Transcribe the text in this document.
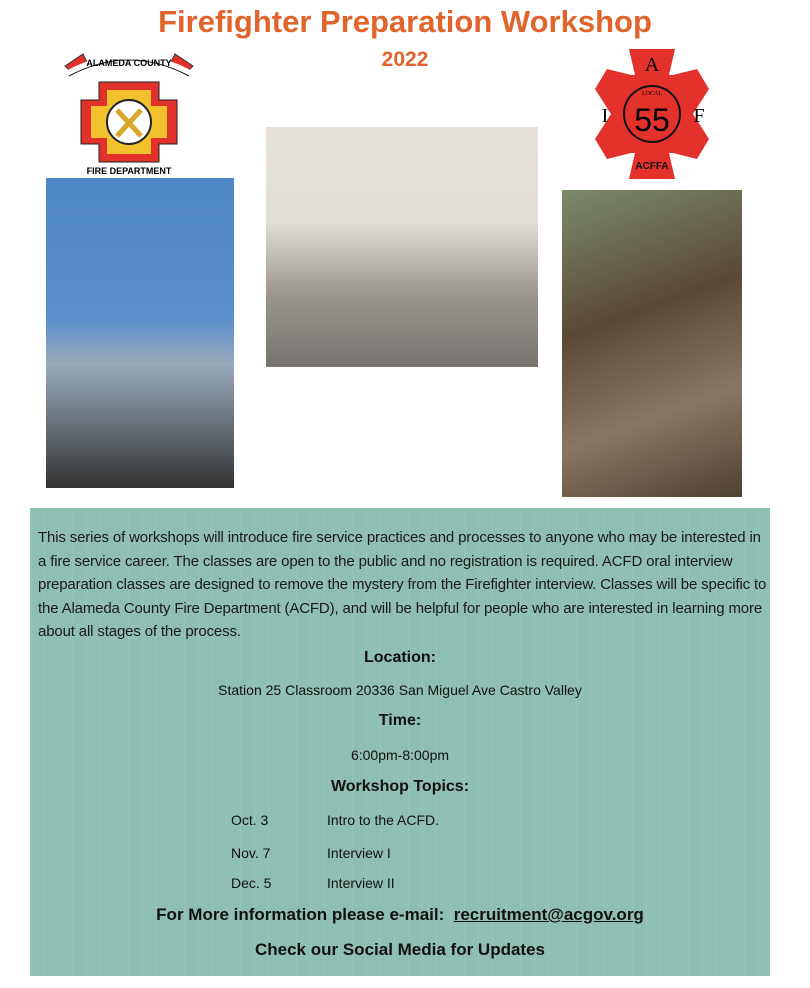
Firefighter Preparation Workshop
2022
ALAMEDA COUNTY
FIRE DEPARTMENT
A
I	F
LOCAL
55
ACFFA
This series of workshops will introduce fire service practices and processes to anyone who may be interested in a fire service career. The classes are open to the public and no registration is required. ACFD oral interview preparation classes are designed to remove the mystery from the Firefighter interview. Classes will be specific to the Alameda County Fire Department (ACFD), and will be helpful for people who are interested in learning more about all stages of the process.
Location:
Station 25 Classroom 20336 San Miguel Ave Castro Valley
Time:
6:00pm-8:00pm
Workshop Topics:
Oct. 3	Intro to the ACFD.
Nov. 7	Interview I
Dec. 5	Interview II
For More information please e-mail: recruitment@acgov.org
Check our Social Media for Updates
